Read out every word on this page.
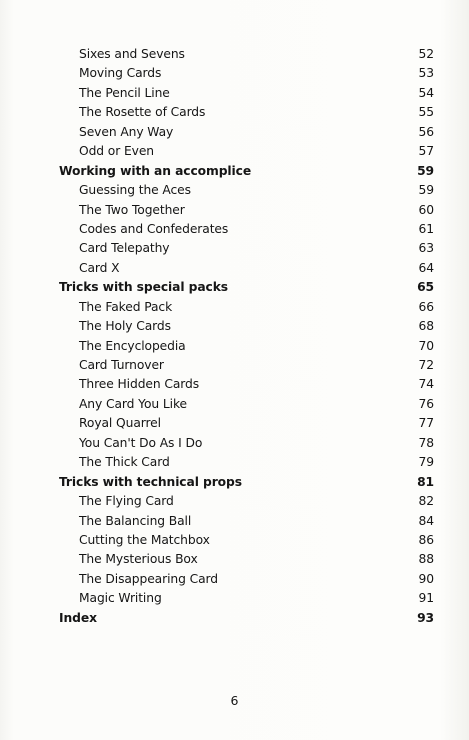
Sixes and Sevens	52
Moving Cards	53
The Pencil Line	54
The Rosette of Cards	55
Seven Any Way	56
Odd or Even	57
Working with an accomplice	59
Guessing the Aces	59
The Two Together	60
Codes and Confederates	61
Card Telepathy	63
Card X	64
Tricks with special packs	65
The Faked Pack	66
The Holy Cards	68
The Encyclopedia	70
Card Turnover	72
Three Hidden Cards	74
Any Card You Like	76
Royal Quarrel	77
You Can't Do As I Do	78
The Thick Card	79
Tricks with technical props	81
The Flying Card	82
The Balancing Ball	84
Cutting the Matchbox	86
The Mysterious Box	88
The Disappearing Card	90
Magic Writing	91
Index	93
6
